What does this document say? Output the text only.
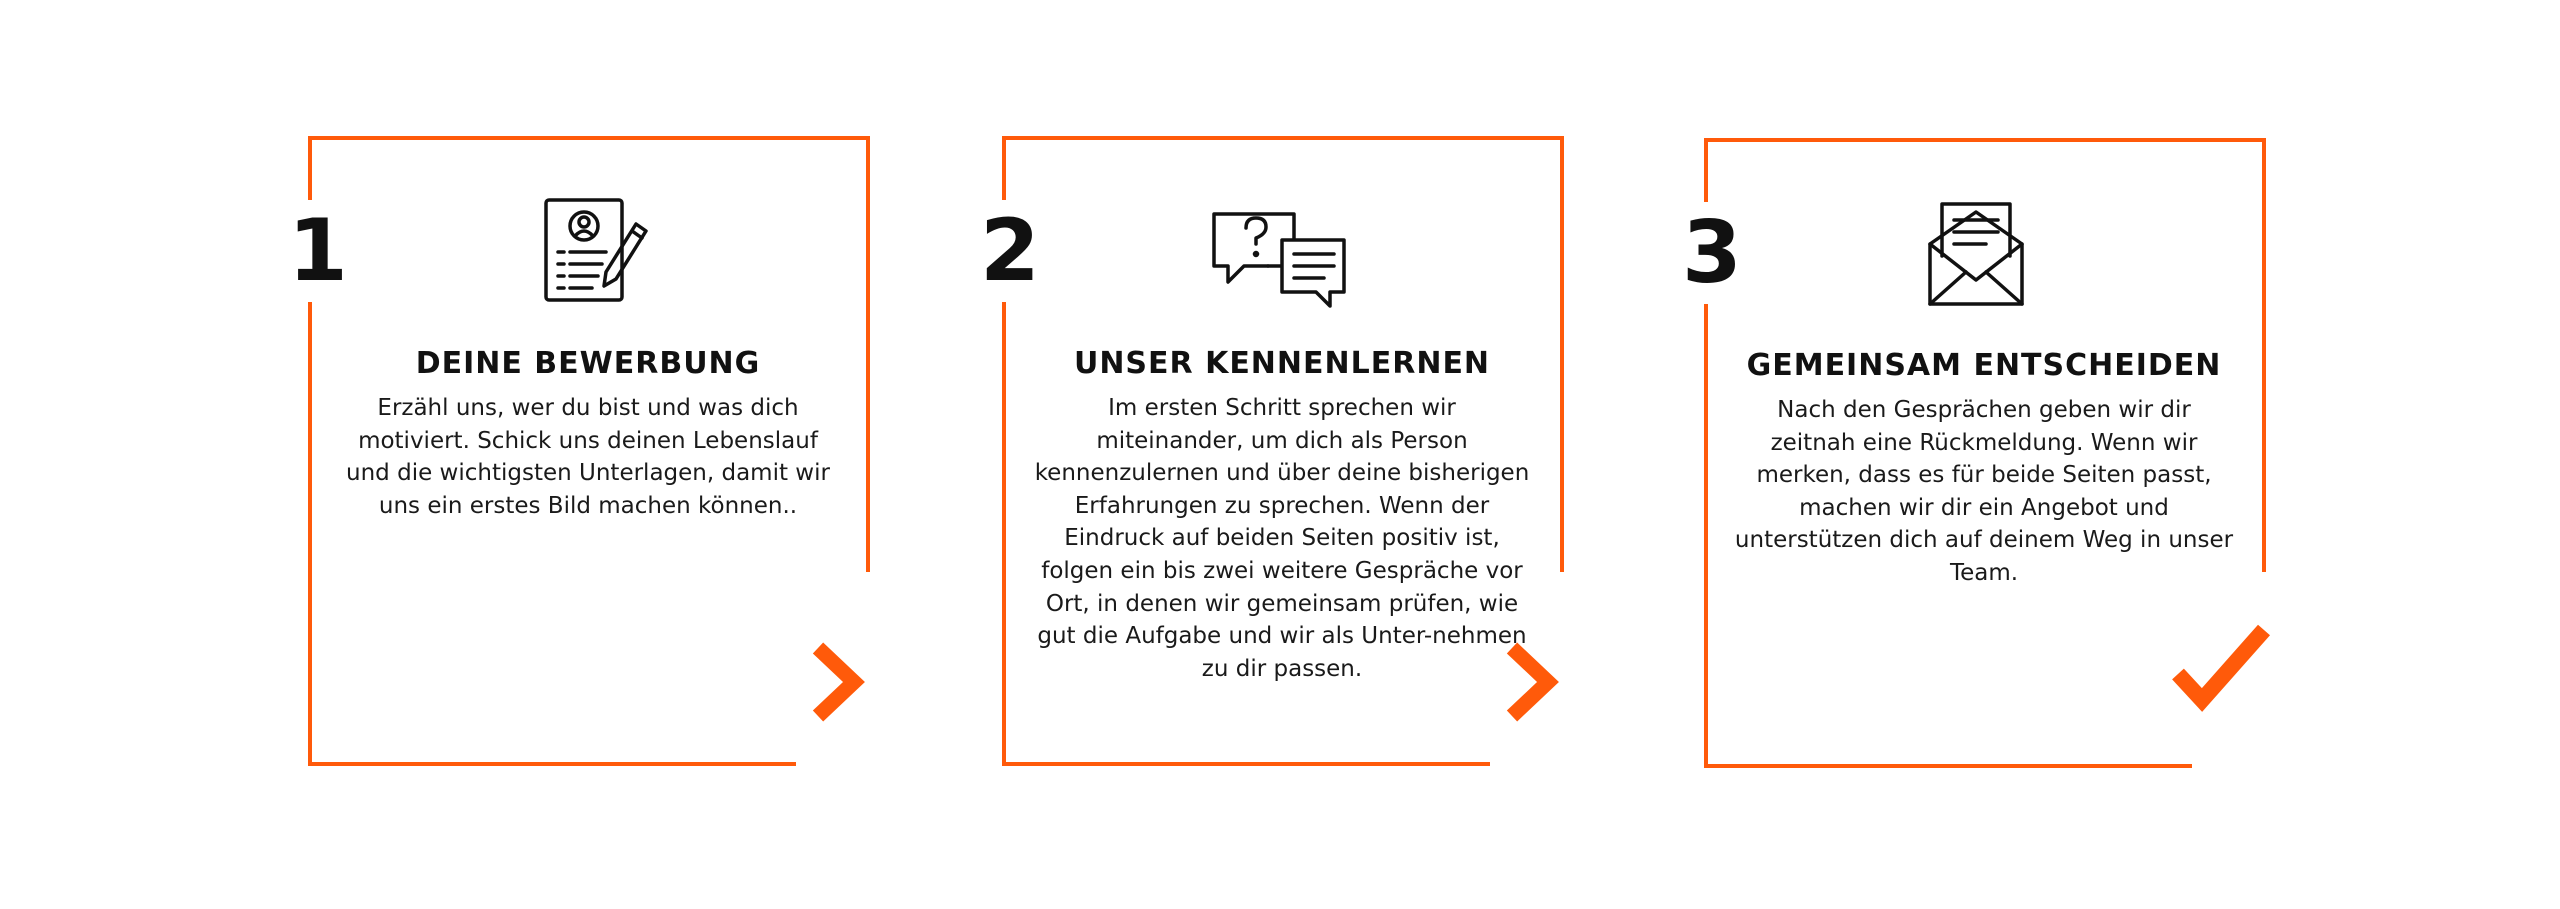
1
DEINE BEWERBUNG
Erzähl uns, wer du bist und was dich motiviert. Schick uns deinen Lebenslauf und die wichtigsten Unterlagen, damit wir uns ein erstes Bild machen können..
2
UNSER KENNENLERNEN
Im ersten Schritt sprechen wir miteinander, um dich als Person kennenzulernen und über deine bisherigen Erfahrungen zu sprechen. Wenn der Eindruck auf beiden Seiten positiv ist, folgen ein bis zwei weitere Gespräche vor Ort, in denen wir gemeinsam prüfen, wie gut die Aufgabe und wir als Unter-nehmen zu dir passen.
3
GEMEINSAM ENTSCHEIDEN
Nach den Gesprächen geben wir dir zeitnah eine Rückmeldung. Wenn wir merken, dass es für beide Seiten passt, machen wir dir ein Angebot und unterstützen dich auf deinem Weg in unser Team.
